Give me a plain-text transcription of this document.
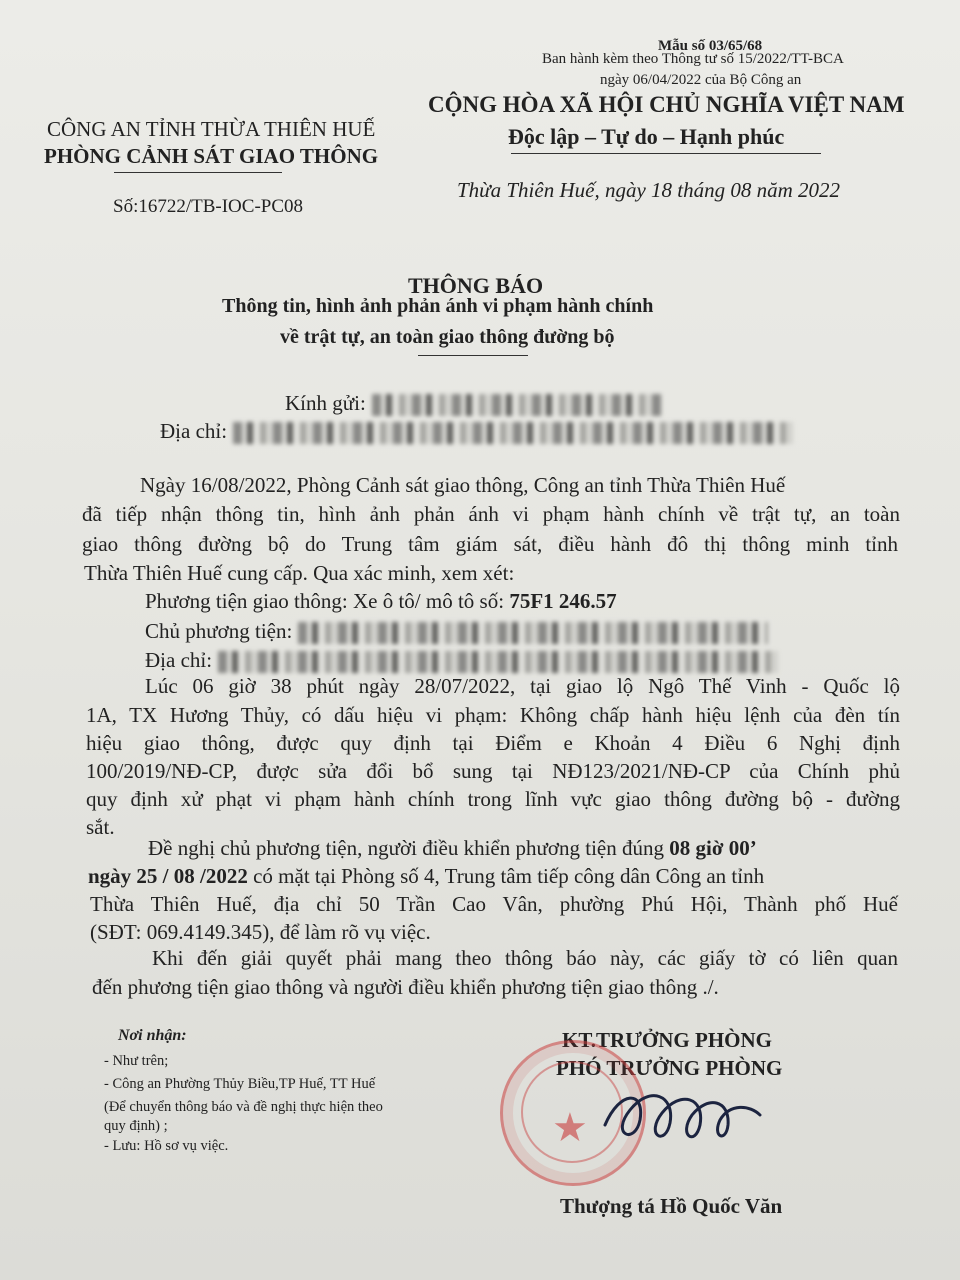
Mẫu số 03/65/68
Ban hành kèm theo Thông tư số 15/2022/TT-BCA
ngày 06/04/2022 của Bộ Công an
CÔNG AN TỈNH THỪA THIÊN HUẾ
PHÒNG CẢNH SÁT GIAO THÔNG
Số:16722/TB-IOC-PC08
CỘNG HÒA XÃ HỘI CHỦ NGHĨA VIỆT NAM
Độc lập – Tự do – Hạnh phúc
Thừa Thiên Huế, ngày 18 tháng 08 năm 2022
THÔNG BÁO
Thông tin, hình ảnh phản ánh vi phạm hành chính
về trật tự, an toàn giao thông đường bộ
Kính gửi:
Địa chỉ:
Ngày 16/08/2022, Phòng Cảnh sát giao thông, Công an tỉnh Thừa Thiên Huế
đã tiếp nhận thông tin, hình ảnh phản ánh vi phạm hành chính về trật tự, an toàn
giao thông đường bộ do Trung tâm giám sát, điều hành đô thị thông minh tỉnh
Thừa Thiên Huế cung cấp. Qua xác minh, xem xét:
Phương tiện giao thông: Xe ô tô/ mô tô số: 75F1 246.57
Chủ phương tiện:
Địa chỉ:
Lúc 06 giờ 38 phút ngày 28/07/2022, tại giao lộ Ngô Thế Vinh - Quốc lộ
1A, TX Hương Thủy, có dấu hiệu vi phạm: Không chấp hành hiệu lệnh của đèn tín
hiệu giao thông, được quy định tại Điểm e Khoản 4 Điều 6 Nghị định
100/2019/NĐ-CP, được sửa đổi bổ sung tại NĐ123/2021/NĐ-CP của Chính phủ
quy định xử phạt vi phạm hành chính trong lĩnh vực giao thông đường bộ - đường
sắt.
Đề nghị chủ phương tiện, người điều khiển phương tiện đúng 08 giờ 00’
ngày 25 / 08 /2022 có mặt tại Phòng số 4, Trung tâm tiếp công dân Công an tỉnh
Thừa Thiên Huế, địa chỉ 50 Trần Cao Vân, phường Phú Hội, Thành phố Huế
(SĐT: 069.4149.345), để làm rõ vụ việc.
Khi đến giải quyết phải mang theo thông báo này, các giấy tờ có liên quan
đến phương tiện giao thông và người điều khiển phương tiện giao thông ./.
Nơi nhận:
- Như trên;
- Công an Phường Thủy Biều,TP Huế, TT Huế
(Để chuyển thông báo và đề nghị thực hiện theo
quy định) ;
- Lưu: Hồ sơ vụ việc.
KT.TRƯỞNG PHÒNG
PHÓ TRƯỞNG PHÒNG
★
Thượng tá Hồ Quốc Văn
